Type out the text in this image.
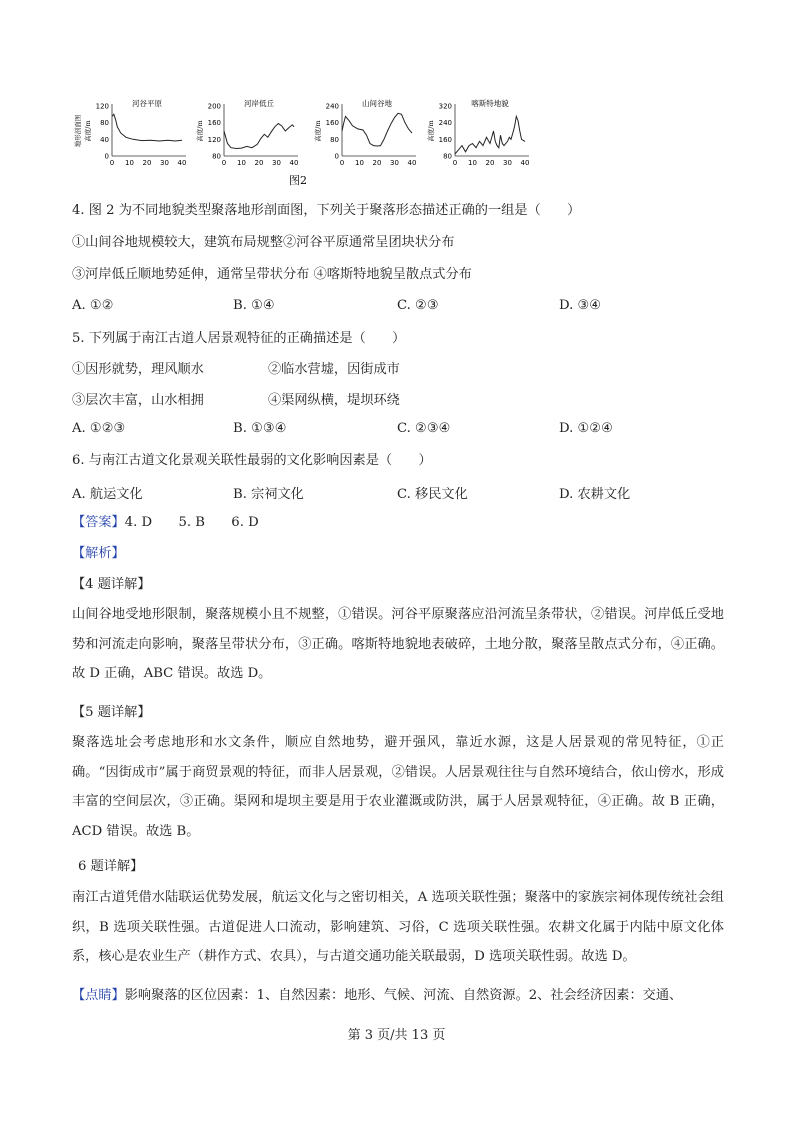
河谷平原
120
80
40
0
0 10 20 30 40
高度/m
地形剖面图
河岸低丘
200
160
120
80
0 10 20 30 40
高度/m
山间谷地
240
160
80
0
0 10 20 30 40
高度/m
喀斯特地貌
320
240
160
80
0 10 20 30 40
高度/m
图2
4. 图 2 为不同地貌类型聚落地形剖面图，下列关于聚落形态描述正确的一组是（　　）
①山间谷地规模较大，建筑布局规整②河谷平原通常呈团块状分布
③河岸低丘顺地势延伸，通常呈带状分布 ④喀斯特地貌呈散点式分布
A. ①②	B. ①④	C. ②③	D. ③④
5. 下列属于南江古道人居景观特征的正确描述是（　　）
①因形就势，理风顺水	②临水营墟，因街成市
③层次丰富，山水相拥	④渠网纵横，堤坝环绕
A. ①②③	B. ①③④	C. ②③④	D. ①②④
6. 与南江古道文化景观关联性最弱的文化影响因素是（　　）
A. 航运文化	B. 宗祠文化	C. 移民文化	D. 农耕文化
【答案】4. D　　5. B　　6. D
【解析】
【4 题详解】
山间谷地受地形限制，聚落规模小且不规整，①错误。河谷平原聚落应沿河流呈条带状，②错误。河岸低丘受地势和河流走向影响，聚落呈带状分布，③正确。喀斯特地貌地表破碎，土地分散，聚落呈散点式分布，④正确。故 D 正确，ABC 错误。故选 D。
【5 题详解】
聚落选址会考虑地形和水文条件，顺应自然地势，避开强风，靠近水源，这是人居景观的常见特征，①正确。“因街成市”属于商贸景观的特征，而非人居景观，②错误。人居景观往往与自然环境结合，依山傍水，形成丰富的空间层次，③正确。渠网和堤坝主要是用于农业灌溉或防洪，属于人居景观特征，④正确。故 B 正确，ACD 错误。故选 B。
6 题详解】
南江古道凭借水陆联运优势发展，航运文化与之密切相关，A 选项关联性强；聚落中的家族宗祠体现传统社会组织，B 选项关联性强。古道促进人口流动，影响建筑、习俗，C 选项关联性强。农耕文化属于内陆中原文化体系，核心是农业生产（耕作方式、农具），与古道交通功能关联最弱，D 选项关联性弱。故选 D。
【点睛】影响聚落的区位因素：1、自然因素：地形、气候、河流、自然资源。2、社会经济因素：交通、
第 3 页/共 13 页
